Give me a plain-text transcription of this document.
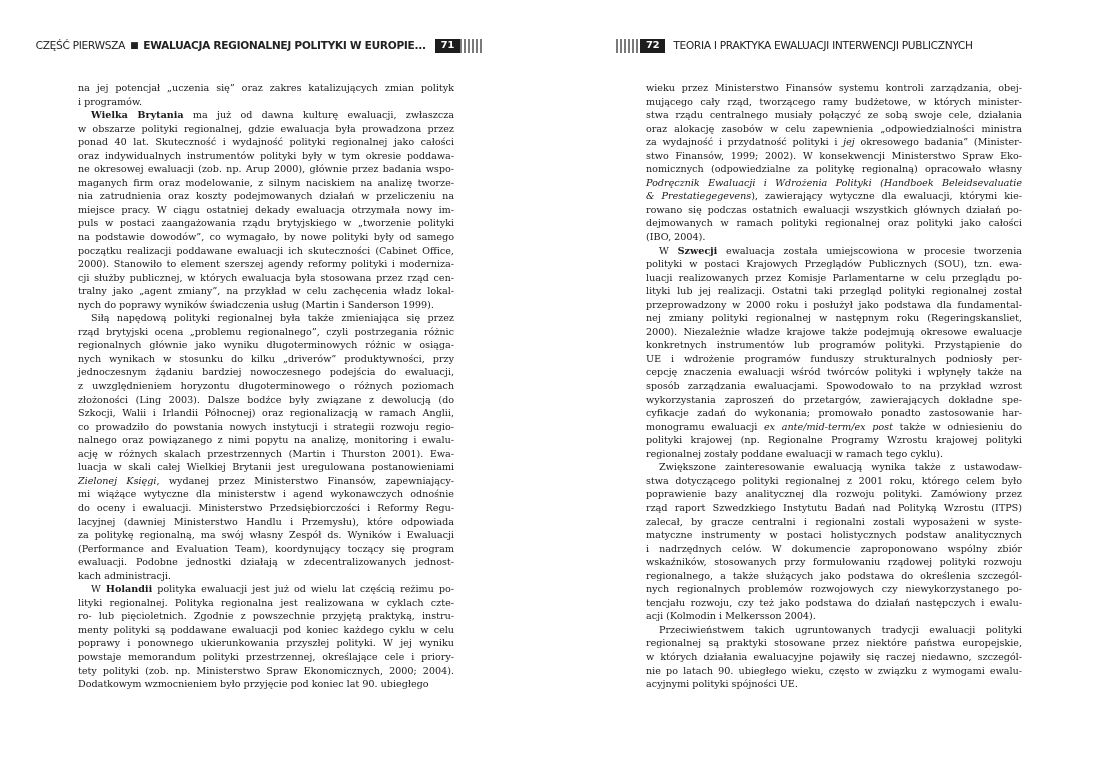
CZĘŚĆ PIERWSZA ■ EWALUACJA REGIONALNEJ POLITYKI W EUROPIE...	71
na jej potencjał „uczenia się” oraz zakres katalizujących zmian polityk
i programów.
Wielka Brytania ma już od dawna kulturę ewaluacji, zwłaszcza
w obszarze polityki regionalnej, gdzie ewaluacja była prowadzona przez
ponad 40 lat. Skuteczność i wydajność polityki regionalnej jako całości
oraz indywidualnych instrumentów polityki były w tym okresie poddawa-
ne okresowej ewaluacji (zob. np. Arup 2000), głównie przez badania wspo-
maganych firm oraz modelowanie, z silnym naciskiem na analizę tworze-
nia zatrudnienia oraz koszty podejmowanych działań w przeliczeniu na
miejsce pracy. W ciągu ostatniej dekady ewaluacja otrzymała nowy im-
puls w postaci zaangażowania rządu brytyjskiego w „tworzenie polityki
na podstawie dowodów”, co wymagało, by nowe polityki były od samego
początku realizacji poddawane ewaluacji ich skuteczności (Cabinet Office,
2000). Stanowiło to element szerszej agendy reformy polityki i moderniza-
cji służby publicznej, w których ewaluacja była stosowana przez rząd cen-
tralny jako „agent zmiany”, na przykład w celu zachęcenia władz lokal-
nych do poprawy wyników świadczenia usług (Martin i Sanderson 1999).
Siłą napędową polityki regionalnej była także zmieniająca się przez
rząd brytyjski ocena „problemu regionalnego”, czyli postrzegania różnic
regionalnych głównie jako wyniku długoterminowych różnic w osiąga-
nych wynikach w stosunku do kilku „driverów” produktywności, przy
jednoczesnym żądaniu bardziej nowoczesnego podejścia do ewaluacji,
z uwzględnieniem horyzontu długoterminowego o różnych poziomach
złożoności (Ling 2003). Dalsze bodźce były związane z dewolucją (do
Szkocji, Walii i Irlandii Północnej) oraz regionalizacją w ramach Anglii,
co prowadziło do powstania nowych instytucji i strategii rozwoju regio-
nalnego oraz powiązanego z nimi popytu na analizę, monitoring i ewalu-
ację w różnych skalach przestrzennych (Martin i Thurston 2001). Ewa-
luacja w skali całej Wielkiej Brytanii jest uregulowana postanowieniami
Zielonej Księgi, wydanej przez Ministerstwo Finansów, zapewniający-
mi wiążące wytyczne dla ministerstw i agend wykonawczych odnośnie
do oceny i ewaluacji. Ministerstwo Przedsiębiorczości i Reformy Regu-
lacyjnej (dawniej Ministerstwo Handlu i Przemysłu), które odpowiada
za politykę regionalną, ma swój własny Zespół ds. Wyników i Ewaluacji
(Performance and Evaluation Team), koordynujący toczący się program
ewaluacji. Podobne jednostki działają w zdecentralizowanych jednost-
kach administracji.
W Holandii polityka ewaluacji jest już od wielu lat częścią reżimu po-
lityki regionalnej. Polityka regionalna jest realizowana w cyklach czte-
ro- lub pięcioletnich. Zgodnie z powszechnie przyjętą praktyką, instru-
menty polityki są poddawane ewaluacji pod koniec każdego cyklu w celu
poprawy i ponownego ukierunkowania przyszłej polityki. W jej wyniku
powstaje memorandum polityki przestrzennej, określające cele i priory-
tety polityki (zob. np. Ministerstwo Spraw Ekonomicznych, 2000; 2004).
Dodatkowym wzmocnieniem było przyjęcie pod koniec lat 90. ubiegłego
72	TEORIA I PRAKTYKA EWALUACJI INTERWENCJI PUBLICZNYCH
wieku przez Ministerstwo Finansów systemu kontroli zarządzania, obej-
mującego cały rząd, tworzącego ramy budżetowe, w których minister-
stwa rządu centralnego musiały połączyć ze sobą swoje cele, działania
oraz alokację zasobów w celu zapewnienia „odpowiedzialności ministra
za wydajność i przydatność polityki i jej okresowego badania” (Minister-
stwo Finansów, 1999; 2002). W konsekwencji Ministerstwo Spraw Eko-
nomicznych (odpowiedzialne za politykę regionalną) opracowało własny
Podręcznik Ewaluacji i Wdrożenia Polityki (Handboek Beleidsevaluatie
& Prestatiegegevens), zawierający wytyczne dla ewaluacji, którymi kie-
rowano się podczas ostatnich ewaluacji wszystkich głównych działań po-
dejmowanych w ramach polityki regionalnej oraz polityki jako całości
(IBO, 2004).
W Szwecji ewaluacja została umiejscowiona w procesie tworzenia
polityki w postaci Krajowych Przeglądów Publicznych (SOU), tzn. ewa-
luacji realizowanych przez Komisje Parlamentarne w celu przeglądu po-
lityki lub jej realizacji. Ostatni taki przegląd polityki regionalnej został
przeprowadzony w 2000 roku i posłużył jako podstawa dla fundamental-
nej zmiany polityki regionalnej w następnym roku (Regeringskansliet,
2000). Niezależnie władze krajowe także podejmują okresowe ewaluacje
konkretnych instrumentów lub programów polityki. Przystąpienie do
UE i wdrożenie programów funduszy strukturalnych podniosły per-
cepcję znaczenia ewaluacji wśród twórców polityki i wpłynęły także na
sposób zarządzania ewaluacjami. Spowodowało to na przykład wzrost
wykorzystania zaproszeń do przetargów, zawierających dokładne spe-
cyfikacje zadań do wykonania; promowało ponadto zastosowanie har-
monogramu ewaluacji ex ante/mid-term/ex post także w odniesieniu do
polityki krajowej (np. Regionalne Programy Wzrostu krajowej polityki
regionalnej zostały poddane ewaluacji w ramach tego cyklu).
Zwiększone zainteresowanie ewaluacją wynika także z ustawodaw-
stwa dotyczącego polityki regionalnej z 2001 roku, którego celem było
poprawienie bazy analitycznej dla rozwoju polityki. Zamówiony przez
rząd raport Szwedzkiego Instytutu Badań nad Polityką Wzrostu (ITPS)
zalecał, by gracze centralni i regionalni zostali wyposażeni w syste-
matyczne instrumenty w postaci holistycznych podstaw analitycznych
i nadrzędnych celów. W dokumencie zaproponowano wspólny zbiór
wskaźników, stosowanych przy formułowaniu rządowej polityki rozwoju
regionalnego, a także służących jako podstawa do określenia szczegól-
nych regionalnych problemów rozwojowych czy niewykorzystanego po-
tencjału rozwoju, czy też jako podstawa do działań następczych i ewalu-
acji (Kolmodin i Melkersson 2004).
Przeciwieństwem takich ugruntowanych tradycji ewaluacji polityki
regionalnej są praktyki stosowane przez niektóre państwa europejskie,
w których działania ewaluacyjne pojawiły się raczej niedawno, szczegól-
nie po latach 90. ubiegłego wieku, często w związku z wymogami ewalu-
acyjnymi polityki spójności UE.
